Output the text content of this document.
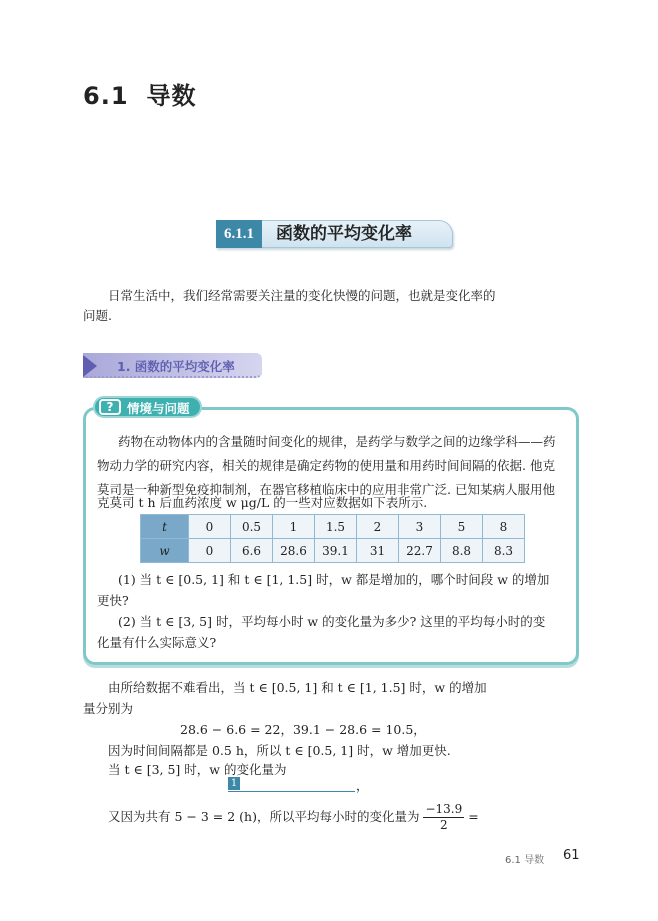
6.1 导数
6.1.1	函数的平均变化率
日常生活中，我们经常需要关注量的变化快慢的问题，也就是变化率的
问题.
1. 函数的平均变化率
?	情境与问题
药物在动物体内的含量随时间变化的规律，是药学与数学之间的边缘学科——药
物动力学的研究内容，相关的规律是确定药物的使用量和用药时间间隔的依据. 他克
莫司是一种新型免疫抑制剂，在器官移植临床中的应用非常广泛. 已知某病人服用他
克莫司 t h 后血药浓度 w μg/L 的一些对应数据如下表所示.
t	0	0.5	1	1.5	2	3	5	8
w	0	6.6	28.6	39.1	31	22.7	8.8	8.3
(1) 当 t ∈ [0.5, 1] 和 t ∈ [1, 1.5] 时，w 都是增加的，哪个时间段 w 的增加
更快?
(2) 当 t ∈ [3, 5] 时，平均每小时 w 的变化量为多少? 这里的平均每小时的变
化量有什么实际意义?
由所给数据不难看出，当 t ∈ [0.5, 1] 和 t ∈ [1, 1.5] 时，w 的增加
量分别为
28.6 − 6.6 = 22，39.1 − 28.6 = 10.5，
因为时间间隔都是 0.5 h，所以 t ∈ [0.5, 1] 时，w 增加更快.
当 t ∈ [3, 5] 时，w 的变化量为
1	，
又因为共有 5 − 3 = 2 (h)，所以平均每小时的变化量为 $\frac{-13.9}{2}$ =
6.1 导数 61
